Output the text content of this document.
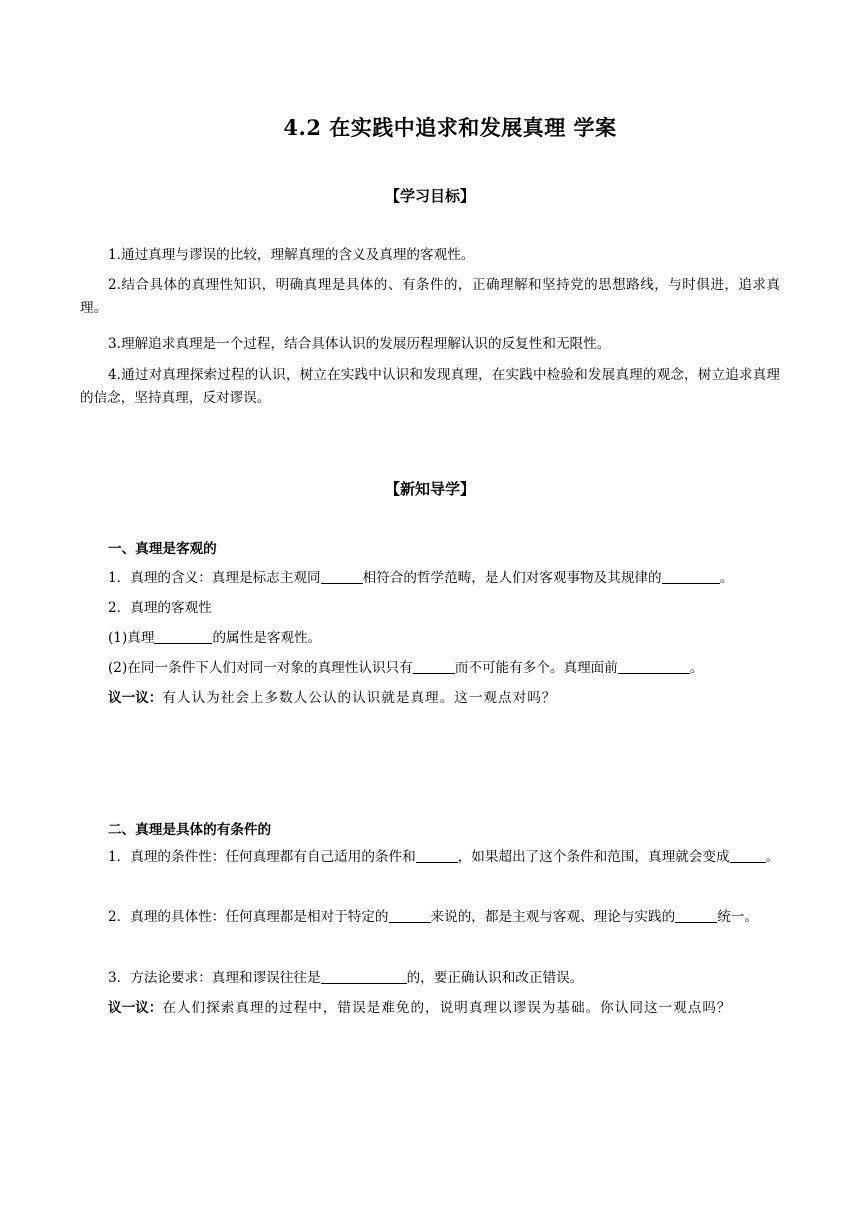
4.2 在实践中追求和发展真理 学案
【学习目标】
1.通过真理与谬误的比较，理解真理的含义及真理的客观性。
2.结合具体的真理性知识，明确真理是具体的、有条件的，正确理解和坚持党的思想路线，与时俱进，追求真理。
3.理解追求真理是一个过程，结合具体认识的发展历程理解认识的反复性和无限性。
4.通过对真理探索过程的认识，树立在实践中认识和发现真理，在实践中检验和发展真理的观念，树立追求真理的信念，坚持真理，反对谬误。
【新知导学】
一、真理是客观的
1．真理的含义：真理是标志主观同	相符合的哲学范畴，是人们对客观事物及其规律的	。
2．真理的客观性
(1)真理	的属性是客观性。
(2)在同一条件下人们对同一对象的真理性认识只有	而不可能有多个。真理面前	。
议一议：有人认为社会上多数人公认的认识就是真理。这一观点对吗？
二、真理是具体的有条件的
1．真理的条件性：任何真理都有自己适用的条件和	，如果超出了这个条件和范围，真理就会变成	。
2．真理的具体性：任何真理都是相对于特定的	来说的，都是主观与客观、理论与实践的	统一。
3．方法论要求：真理和谬误往往是	的，要正确认识和改正错误。
议一议：在人们探索真理的过程中，错误是难免的，说明真理以谬误为基础。你认同这一观点吗？
